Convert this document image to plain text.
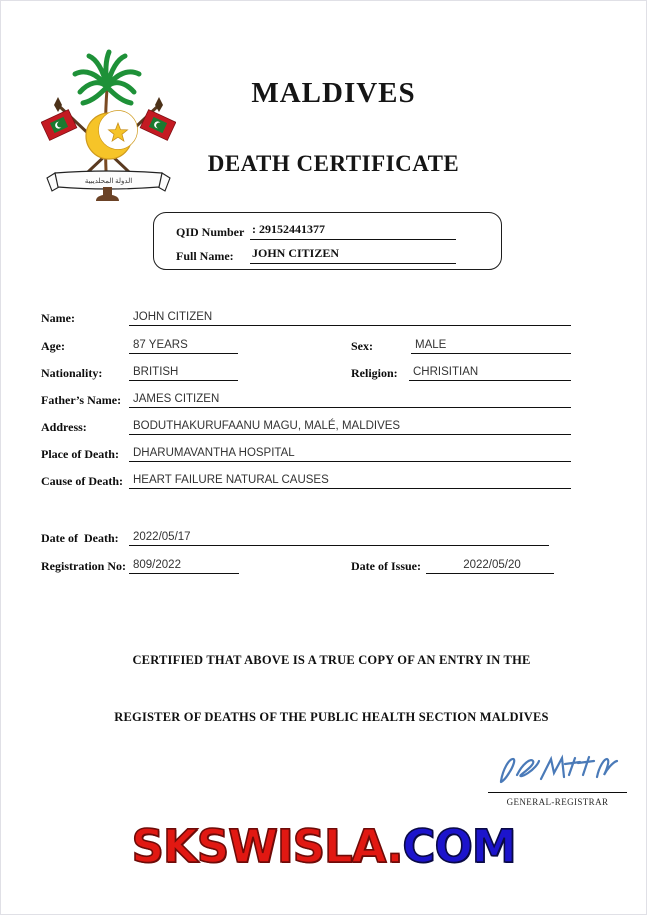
الدولة المحلديبية
MALDIVES
DEATH CERTIFICATE
QID Number : 29152441377
Full Name:	JOHN CITIZEN
Name:	JOHN CITIZEN
Age:	87 YEARS	Sex:	MALE
Nationality:	BRITISH	Religion:	CHRISITIAN
Father’s Name:	JAMES CITIZEN
Address:	BODUTHAKURUFAANU MAGU, MALÉ, MALDIVES
Place of Death:	DHARUMAVANTHA HOSPITAL
Cause of Death: HEART FAILURE NATURAL CAUSES
Date of  Death:	2022/05/17
Registration No: 809/2022	Date of Issue:	2022/05/20
CERTIFIED THAT ABOVE IS A TRUE COPY OF AN ENTRY IN THE
REGISTER OF DEATHS OF THE PUBLIC HEALTH SECTION MALDIVES
GENERAL-REGISTRAR
SKSWISLA.COM
